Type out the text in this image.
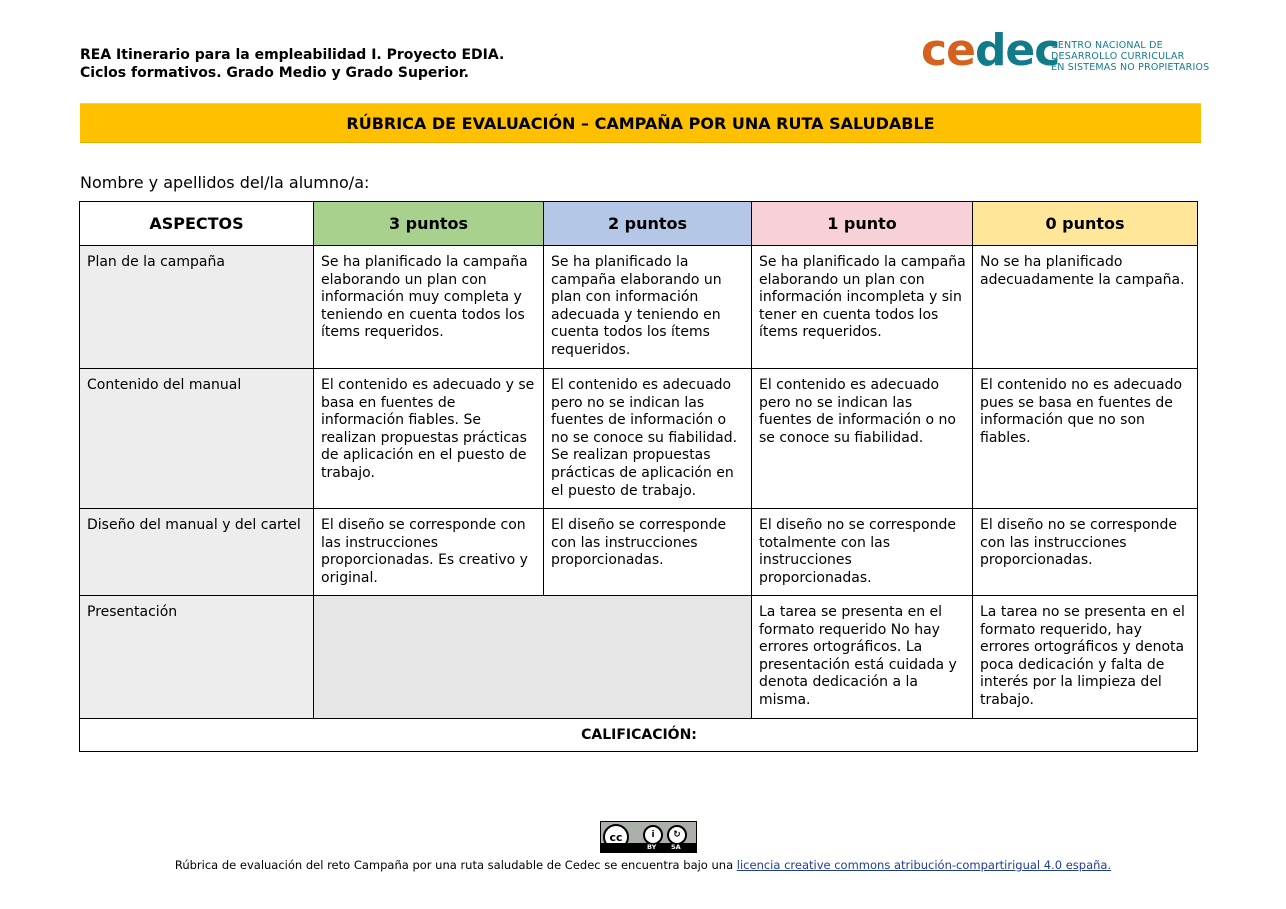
REA Itinerario para la empleabilidad I. Proyecto EDIA.
Ciclos formativos. Grado Medio y Grado Superior.	cedec
CENTRO NACIONAL DE
DESARROLLO CURRICULAR
EN SISTEMAS NO PROPIETARIOS
RÚBRICA DE EVALUACIÓN – CAMPAÑA POR UNA RUTA SALUDABLE
Nombre y apellidos del/la alumno/a:
ASPECTOS	3 puntos	2 puntos	1 punto	0 puntos
Plan de la campaña	Se ha planificado la campaña elaborando un plan con información muy completa y teniendo en cuenta todos los ítems requeridos.	Se ha planificado la campaña elaborando un plan con información adecuada y teniendo en cuenta todos los ítems requeridos.	Se ha planificado la campaña elaborando un plan con información incompleta y sin tener en cuenta todos los ítems requeridos.	No se ha planificado adecuadamente la campaña.
Contenido del manual	El contenido es adecuado y se basa en fuentes de información fiables. Se realizan propuestas prácticas de aplicación en el puesto de trabajo.	El contenido es adecuado pero no se indican las fuentes de información o no se conoce su fiabilidad. Se realizan propuestas prácticas de aplicación en el puesto de trabajo.	El contenido es adecuado pero no se indican las fuentes de información o no se conoce su fiabilidad.	El contenido no es adecuado pues se basa en fuentes de información que no son fiables.
Diseño del manual y del cartel	El diseño se corresponde con las instrucciones proporcionadas. Es creativo y original.	El diseño se corresponde con las instrucciones proporcionadas.	El diseño no se corresponde totalmente con las instrucciones proporcionadas.	El diseño no se corresponde con las instrucciones proporcionadas.
Presentación			La tarea se presenta en el formato requerido No hay errores ortográficos. La presentación está cuidada y denota dedicación a la misma.	La tarea no se presenta en el formato requerido, hay errores ortográficos y denota poca dedicación y falta de interés por la limpieza del trabajo.
CALIFICACIÓN:				
cc	i	↻
BY SA
Rúbrica de evaluación del reto Campaña por una ruta saludable de Cedec se encuentra bajo una licencia creative commons atribución-compartirigual 4.0 españa.
